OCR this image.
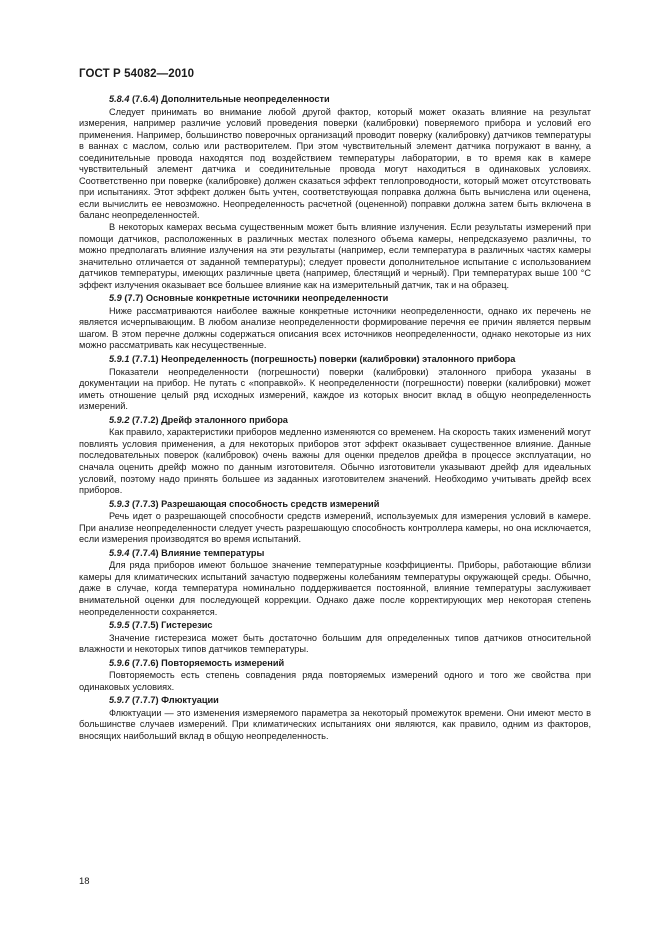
ГОСТ Р 54082—2010
5.8.4 (7.6.4) Дополнительные неопределенности

Следует принимать во внимание любой другой фактор, который может оказать влияние на результат измерения, например различие условий проведения поверки (калибровки) поверяемого прибора и условий его применения. Например, большинство поверочных организаций проводит поверку (калибровку) датчиков температуры в ваннах с маслом, солью или растворителем. При этом чувствительный элемент датчика погружают в ванну, а соединительные провода находятся под воздействием температуры лаборатории, в то время как в камере чувствительный элемент датчика и соединительные провода могут находиться в одинаковых условиях. Соответственно при поверке (калибровке) должен сказаться эффект теплопроводности, который может отсутствовать при испытаниях. Этот эффект должен быть учтен, соответствующая поправка должна быть вычислена или оценена, если вычислить ее невозможно. Неопределенность расчетной (оцененной) поправки должна затем быть включена в баланс неопределенностей.

В некоторых камерах весьма существенным может быть влияние излучения. Если результаты измерений при помощи датчиков, расположенных в различных местах полезного объема камеры, непредсказуемо различны, то можно предполагать влияние излучения на эти результаты (например, если температура в различных частях камеры значительно отличается от заданной температуры); следует провести дополнительное испытание с использованием датчиков температуры, имеющих различные цвета (например, блестящий и черный). При температурах выше 100 °С эффект излучения оказывает все большее влияние как на измерительный датчик, так и на образец.

5.9 (7.7) Основные конкретные источники неопределенности

Ниже рассматриваются наиболее важные конкретные источники неопределенности, однако их перечень не является исчерпывающим. В любом анализе неопределенности формирование перечня ее причин является первым шагом. В этом перечне должны содержаться описания всех источников неопределенности, однако некоторые из них можно рассматривать как несущественные.

5.9.1 (7.7.1) Неопределенность (погрешность) поверки (калибровки) эталонного прибора

Показатели неопределенности (погрешности) поверки (калибровки) эталонного прибора указаны в документации на прибор. Не путать с «поправкой». К неопределенности (погрешности) поверки (калибровки) может иметь отношение целый ряд исходных измерений, каждое из которых вносит вклад в общую неопределенность измерений.

5.9.2 (7.7.2) Дрейф эталонного прибора

Как правило, характеристики приборов медленно изменяются со временем. На скорость таких изменений могут повлиять условия применения, а для некоторых приборов этот эффект оказывает существенное влияние. Данные последовательных поверок (калибровок) очень важны для оценки пределов дрейфа в процессе эксплуатации, но сначала оценить дрейф можно по данным изготовителя. Обычно изготовители указывают дрейф для идеальных условий, поэтому надо принять большее из заданных изготовителем значений. Необходимо учитывать дрейф всех приборов.

5.9.3 (7.7.3) Разрешающая способность средств измерений

Речь идет о разрешающей способности средств измерений, используемых для измерения условий в камере. При анализе неопределенности следует учесть разрешающую способность контроллера камеры, но она исключается, если измерения производятся во время испытаний.

5.9.4 (7.7.4) Влияние температуры

Для ряда приборов имеют большое значение температурные коэффициенты. Приборы, работающие вблизи камеры для климатических испытаний зачастую подвержены колебаниям температуры окружающей среды. Обычно, даже в случае, когда температура номинально поддерживается постоянной, влияние температуры заслуживает внимательной оценки для последующей коррекции. Однако даже после корректирующих мер некоторая степень неопределенности сохраняется.

5.9.5 (7.7.5) Гистерезис

Значение гистерезиса может быть достаточно большим для определенных типов датчиков относительной влажности и некоторых типов датчиков температуры.

5.9.6 (7.7.6) Повторяемость измерений

Повторяемость есть степень совпадения ряда повторяемых измерений одного и того же свойства при одинаковых условиях.

5.9.7 (7.7.7) Флюктуации

Флюктуации — это изменения измеряемого параметра за некоторый промежуток времени. Они имеют место в большинстве случаев измерений. При климатических испытаниях они являются, как правило, одним из факторов, вносящих наибольший вклад в общую неопределенность.

18
